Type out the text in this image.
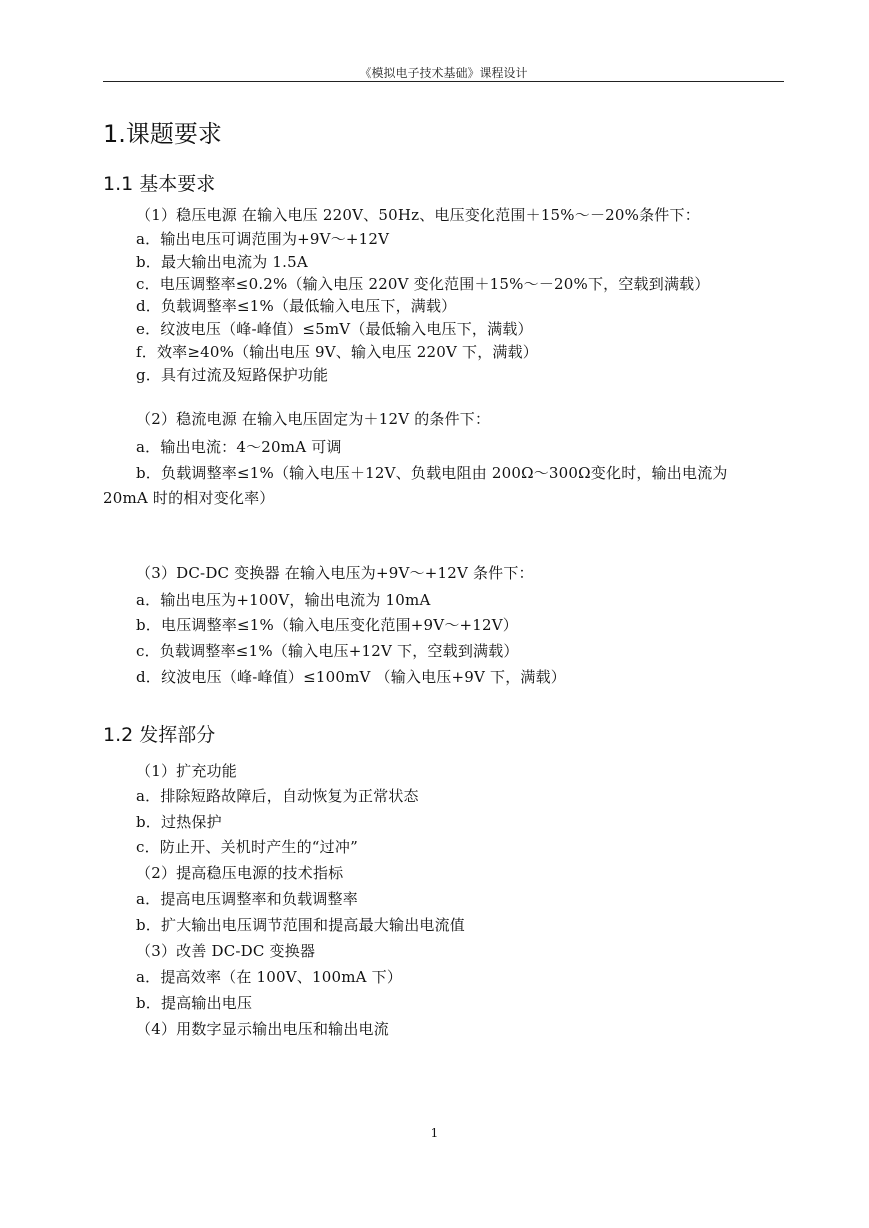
《模拟电子技术基础》课程设计
1.课题要求
1.1 基本要求
（1）稳压电源 在输入电压 220V、50Hz、电压变化范围＋15%～－20%条件下：
a．输出电压可调范围为+9V～+12V
b．最大输出电流为 1.5A
c．电压调整率≤0.2%（输入电压 220V 变化范围＋15%～－20%下，空载到满载）
d．负载调整率≤1%（最低输入电压下，满载）
e．纹波电压（峰-峰值）≤5mV（最低输入电压下，满载）
f．效率≥40%（输出电压 9V、输入电压 220V 下，满载）
g．具有过流及短路保护功能
（2）稳流电源 在输入电压固定为＋12V 的条件下：
a．输出电流：4～20mA 可调
b．负载调整率≤1%（输入电压＋12V、负载电阻由 200Ω～300Ω变化时，输出电流为
20mA 时的相对变化率）
（3）DC-DC 变换器 在输入电压为+9V～+12V 条件下：
a．输出电压为+100V，输出电流为 10mA
b．电压调整率≤1%（输入电压变化范围+9V～+12V）
c．负载调整率≤1%（输入电压+12V 下，空载到满载）
d．纹波电压（峰-峰值）≤100mV （输入电压+9V 下，满载）
1.2 发挥部分
（1）扩充功能
a．排除短路故障后，自动恢复为正常状态
b．过热保护
c．防止开、关机时产生的“过冲”
（2）提高稳压电源的技术指标
a．提高电压调整率和负载调整率
b．扩大输出电压调节范围和提高最大输出电流值
（3）改善 DC-DC 变换器
a．提高效率（在 100V、100mA 下）
b．提高输出电压
（4）用数字显示输出电压和输出电流
1
